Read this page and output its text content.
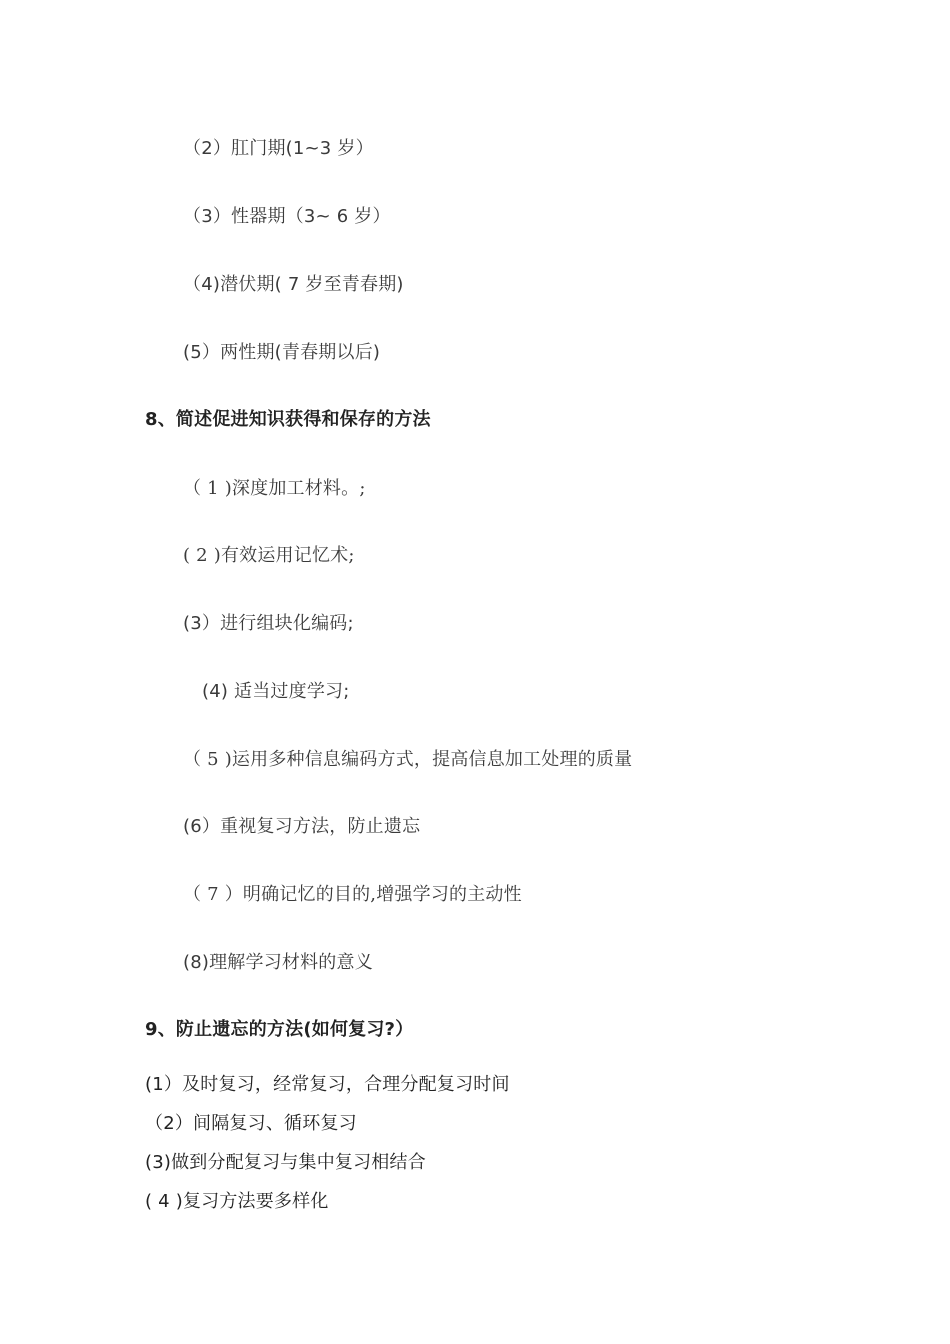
（2）肛门期(1~3 岁）
（3）性器期（3~ 6 岁）
（4)潜伏期( 7 岁至青春期)
(5）两性期(青春期以后)
8、简述促进知识获得和保存的方法
（ 1 )深度加工材料。;
( 2 )有效运用记忆术;
(3）进行组块化编码;
(4) 适当过度学习;
（ 5 )运用多种信息编码方式，提高信息加工处理的质量
(6）重视复习方法，防止遗忘
（ 7 ）明确记忆的目的,增强学习的主动性
(8)理解学习材料的意义
9、防止遗忘的方法(如何复习?）
(1）及时复习，经常复习，合理分配复习时间
（2）间隔复习、循环复习
(3)做到分配复习与集中复习相结合
( 4 )复习方法要多样化
